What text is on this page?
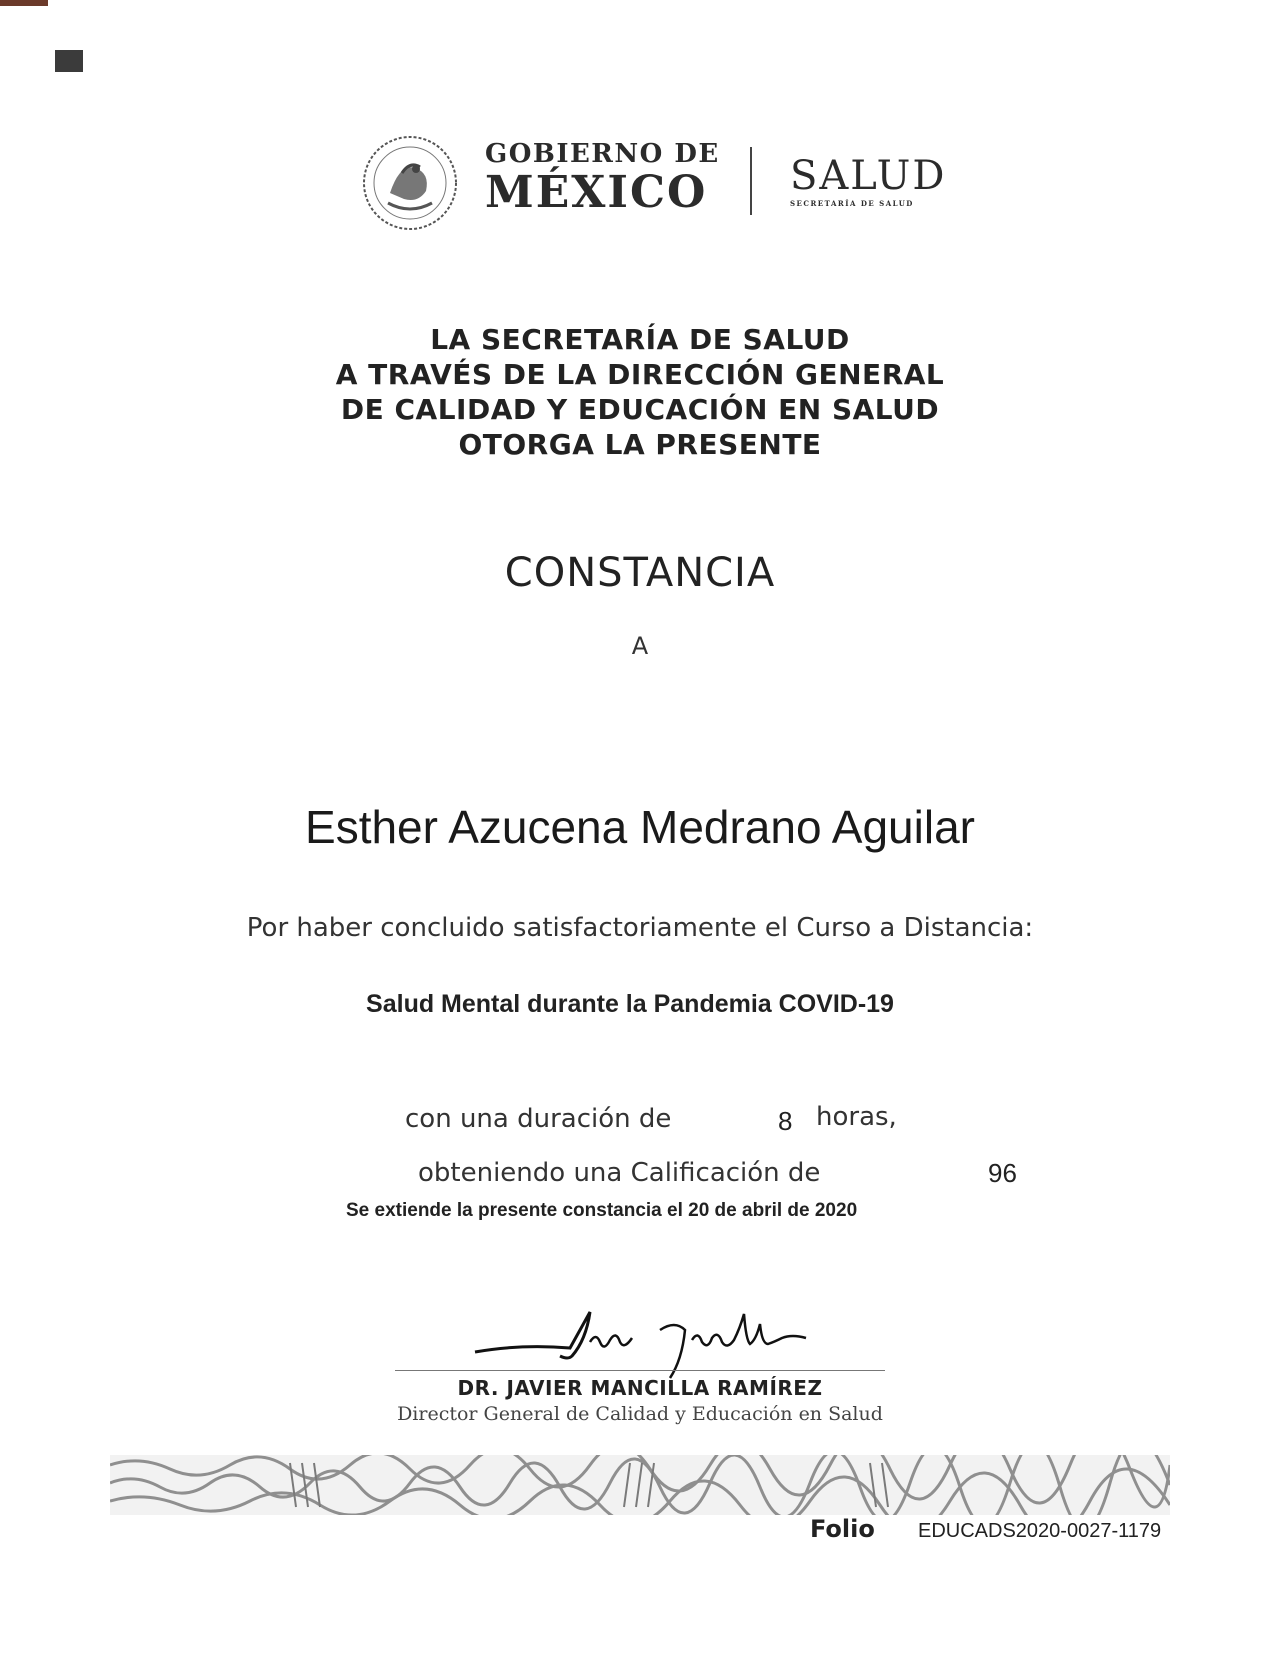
GOBIERNO DE
MÉXICO	SALUD
SECRETARÍA DE SALUD
LA SECRETARÍA DE SALUD
A TRAVÉS DE LA DIRECCIÓN GENERAL
DE CALIDAD Y EDUCACIÓN EN SALUD
OTORGA LA PRESENTE
CONSTANCIA
A
Esther Azucena Medrano Aguilar
Por haber concluido satisfactoriamente el Curso a Distancia:
Salud Mental durante la Pandemia COVID-19
con una duración de	8 horas,
obteniendo una Calificación de	96
Se extiende la presente constancia el 20 de abril de 2020
DR. JAVIER MANCILLA RAMÍREZ
Director General de Calidad y Educación en Salud
Folio EDUCADS2020-0027-1179
